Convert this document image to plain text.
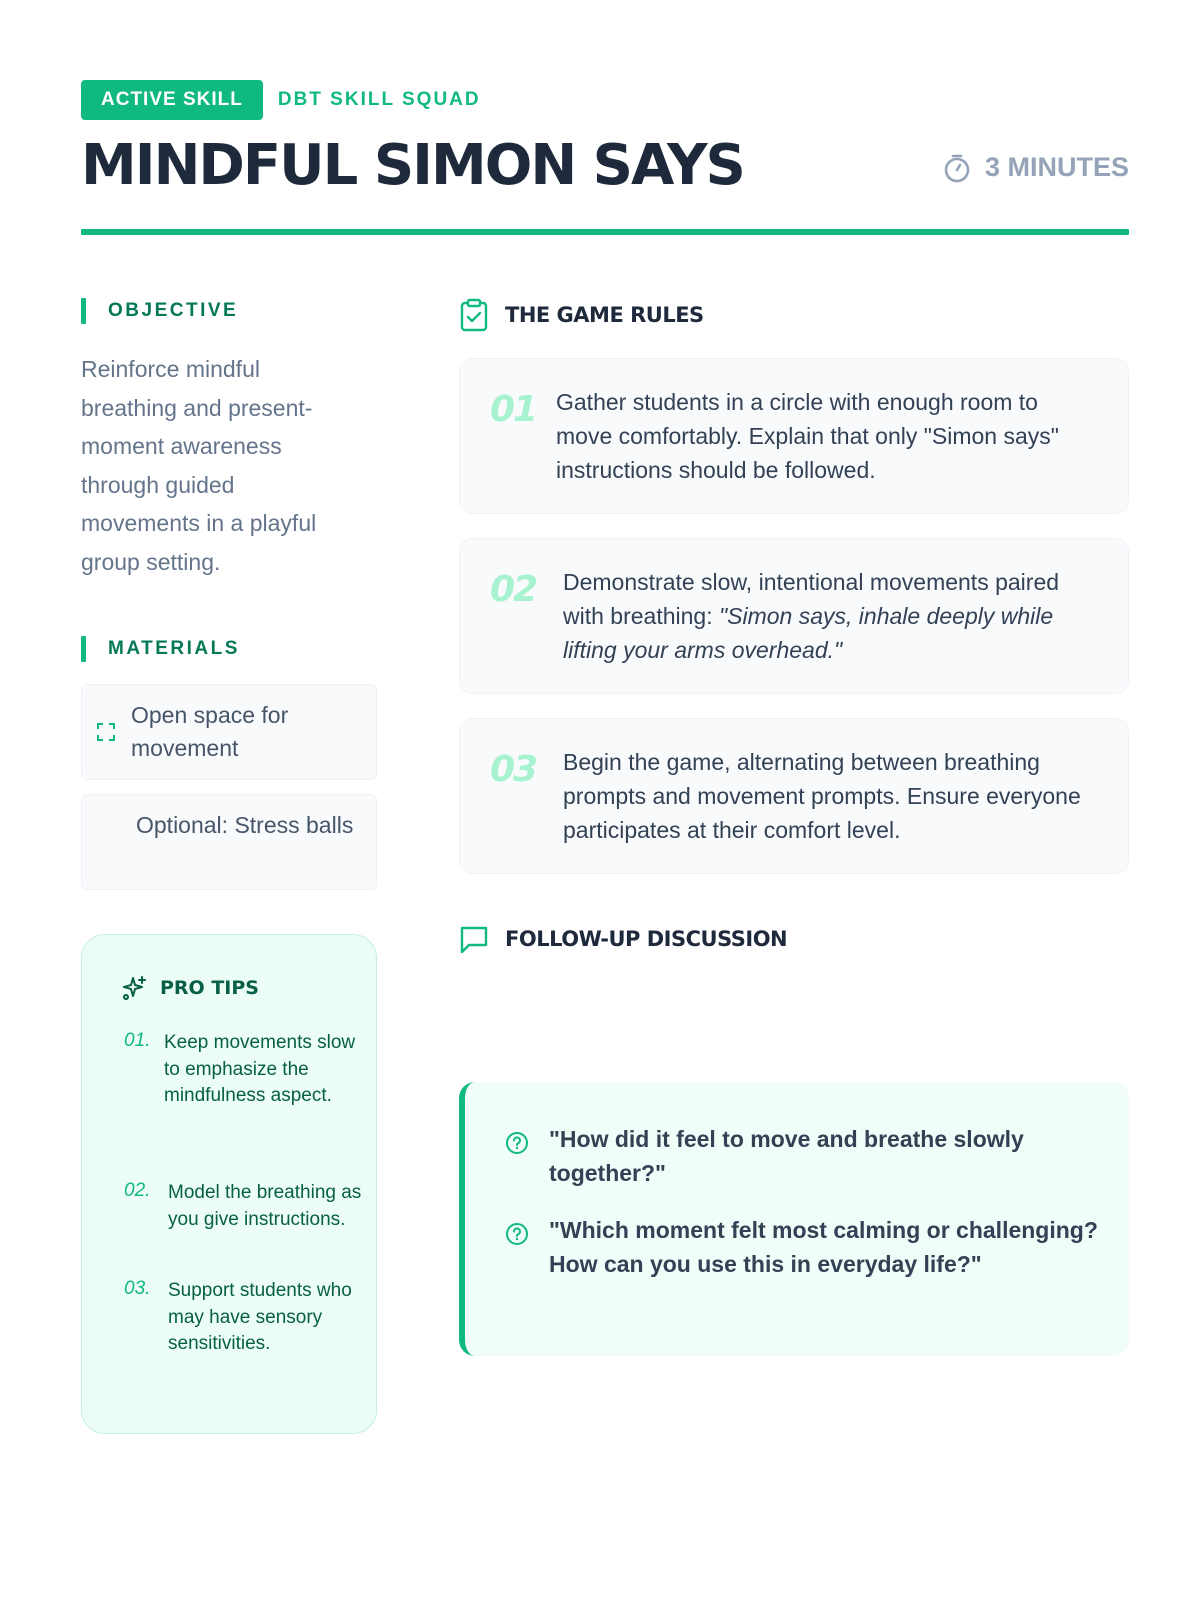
ACTIVE SKILL	DBT SKILL SQUAD
MINDFUL SIMON SAYS	3 MINUTES
OBJECTIVE

Reinforce mindful breathing and present-moment awareness through guided movements in a playful group setting.

MATERIALS
Open space for movement
Optional: Stress balls
PRO TIPS
01. Keep movements slow to emphasize the mindfulness aspect.
02. Model the breathing as you give instructions.
03. Support students who may have sensory sensitivities.
THE GAME RULES
01 Gather students in a circle with enough room to move comfortably. Explain that only "Simon says" instructions should be followed.

02 Demonstrate slow, intentional movements paired with breathing: "Simon says, inhale deeply while lifting your arms overhead."

03 Begin the game, alternating between breathing prompts and movement prompts. Ensure everyone participates at their comfort level.

FOLLOW-UP DISCUSSION
"How did it feel to move and breathe slowly together?"
"Which moment felt most calming or challenging? How can you use this in everyday life?"
